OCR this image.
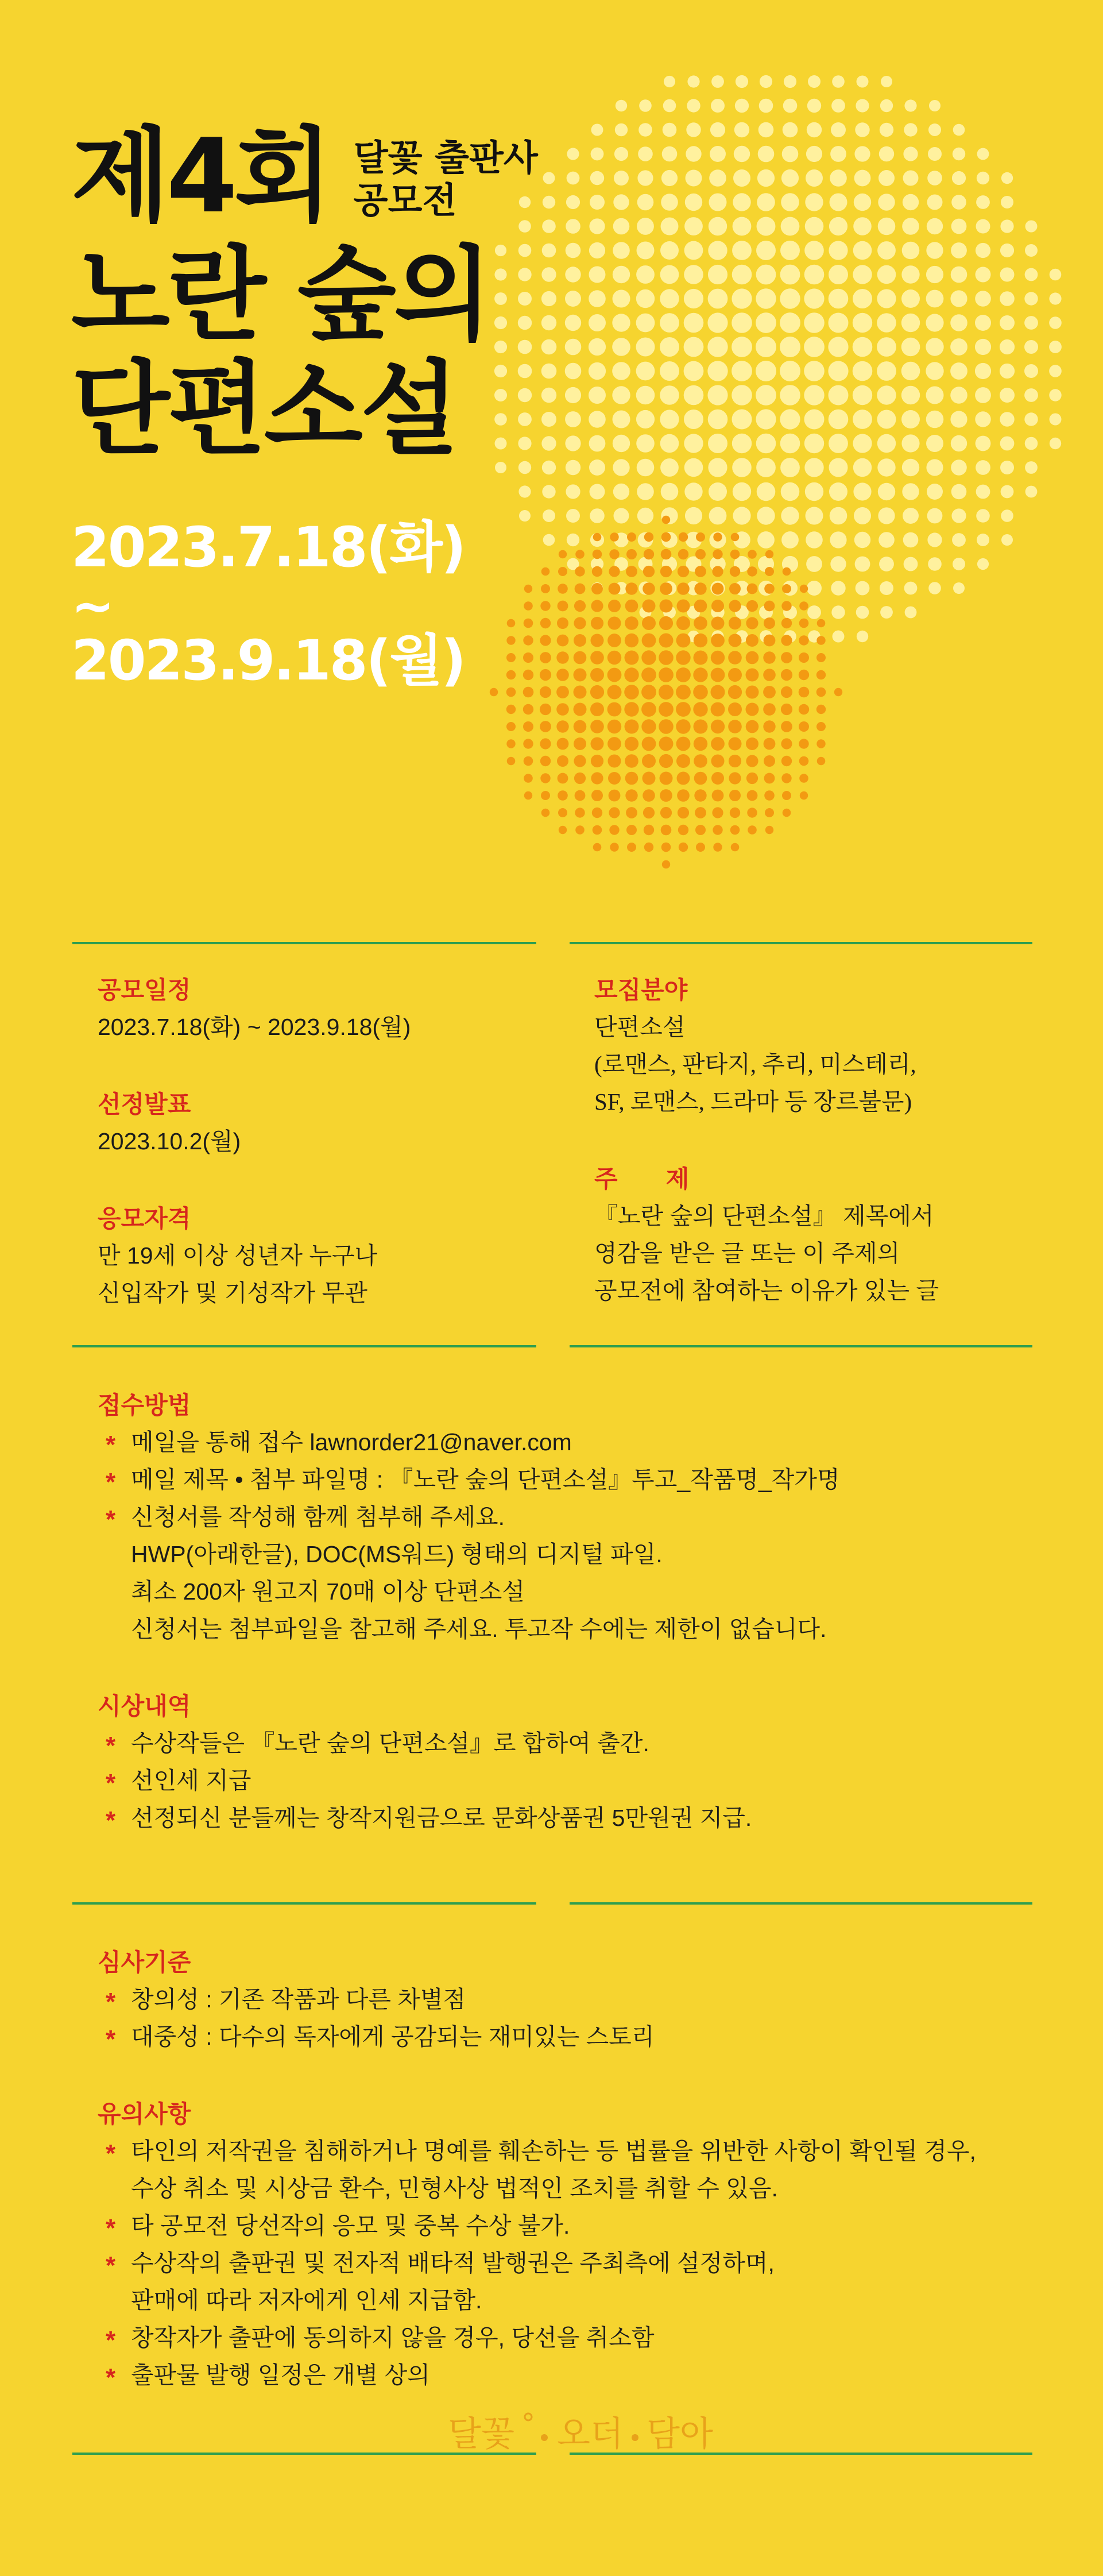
제4회 달꽃 출판사
공모전
노란 숲의
단편소설
2023.7.18(화)
~
2023.9.18(월)
공모일정
2023.7.18(화) ~ 2023.9.18(월)
선정발표
2023.10.2(월)
응모자격
만 19세 이상 성년자 누구나
신입작가 및 기성작가 무관
모집분야
단편소설
(로맨스, 판타지, 추리, 미스테리,
SF, 로맨스, 드라마 등 장르불문)
주　　제
『노란 숲의 단편소설』 제목에서
영감을 받은 글 또는 이 주제의
공모전에 참여하는 이유가 있는 글
접수방법
* 메일을 통해 접수 lawnorder21@naver.com
* 메일 제목 • 첨부 파일명 : 『노란 숲의 단편소설』투고_작품명_작가명
* 신청서를 작성해 함께 첨부해 주세요.
HWP(아래한글), DOC(MS워드) 형태의 디지털 파일.
최소 200자 원고지 70매 이상 단편소설
신청서는 첨부파일을 참고해 주세요. 투고작 수에는 제한이 없습니다.
시상내역
* 수상작들은 『노란 숲의 단편소설』로 합하여 출간.
* 선인세 지급
* 선정되신 분들께는 창작지원금으로 문화상품권 5만원권 지급.
심사기준
* 창의성 : 기존 작품과 다른 차별점
* 대중성 : 다수의 독자에게 공감되는 재미있는 스토리
유의사항
* 타인의 저작권을 침해하거나 명예를 훼손하는 등 법률을 위반한 사항이 확인될 경우,
수상 취소 및 시상금 환수, 민형사상 법적인 조치를 취할 수 있음.
* 타 공모전 당선작의 응모 및 중복 수상 불가.
* 수상작의 출판권 및 전자적 배타적 발행권은 주최측에 설정하며,
판매에 따라 저자에게 인세 지급함.
* 창작자가 출판에 동의하지 않을 경우, 당선을 취소함
* 출판물 발행 일정은 개별 상의
달꽃 오더 담아
